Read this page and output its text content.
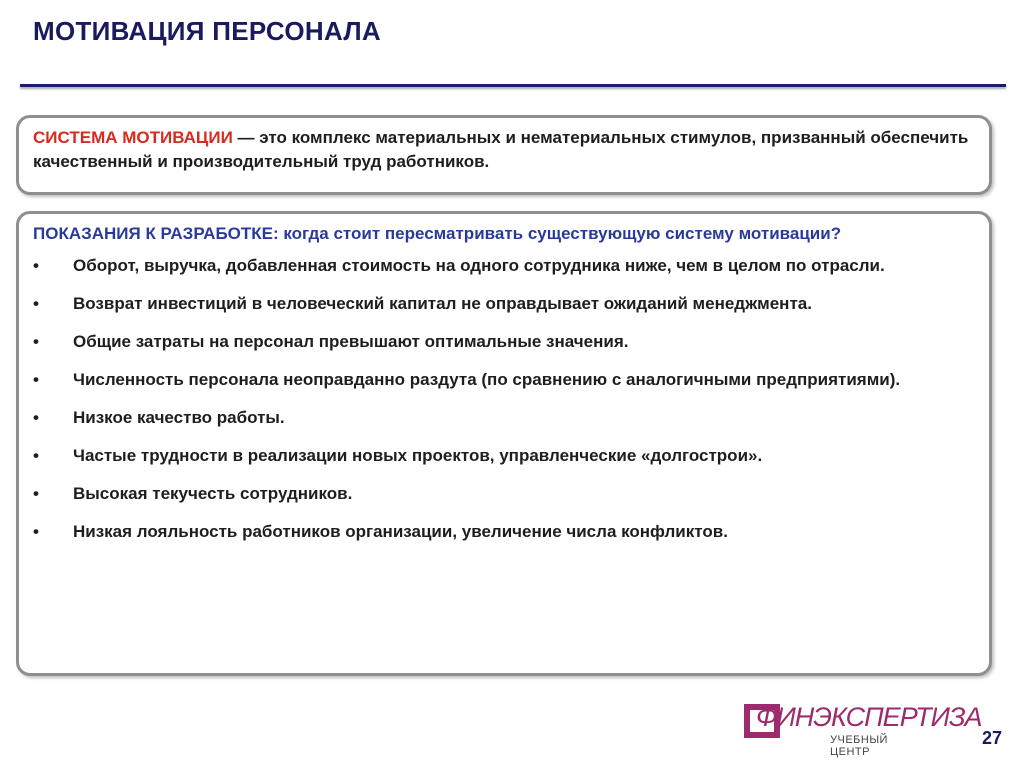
МОТИВАЦИЯ ПЕРСОНАЛА
СИСТЕМА МОТИВАЦИИ — это комплекс материальных и нематериальных стимулов, призванный обеспечить качественный и производительный труд работников.
ПОКАЗАНИЯ К РАЗРАБОТКЕ: когда стоит пересматривать существующую систему мотивации?
•	Оборот, выручка, добавленная стоимость на одного сотрудника ниже, чем в целом по отрасли.
•	Возврат инвестиций в человеческий капитал не оправдывает ожиданий менеджмента.
•	Общие затраты на персонал превышают оптимальные значения.
•	Численность персонала неоправданно раздута (по сравнению с аналогичными предприятиями).
•	Низкое качество работы.
•	Частые трудности в реализации новых проектов, управленческие «долгострои».
•	Высокая текучесть сотрудников.
•	Низкая лояльность работников организации, увеличение числа конфликтов.
ФИНЭКСПЕРТИЗА
УЧЕБНЫЙ ЦЕНТР
27
